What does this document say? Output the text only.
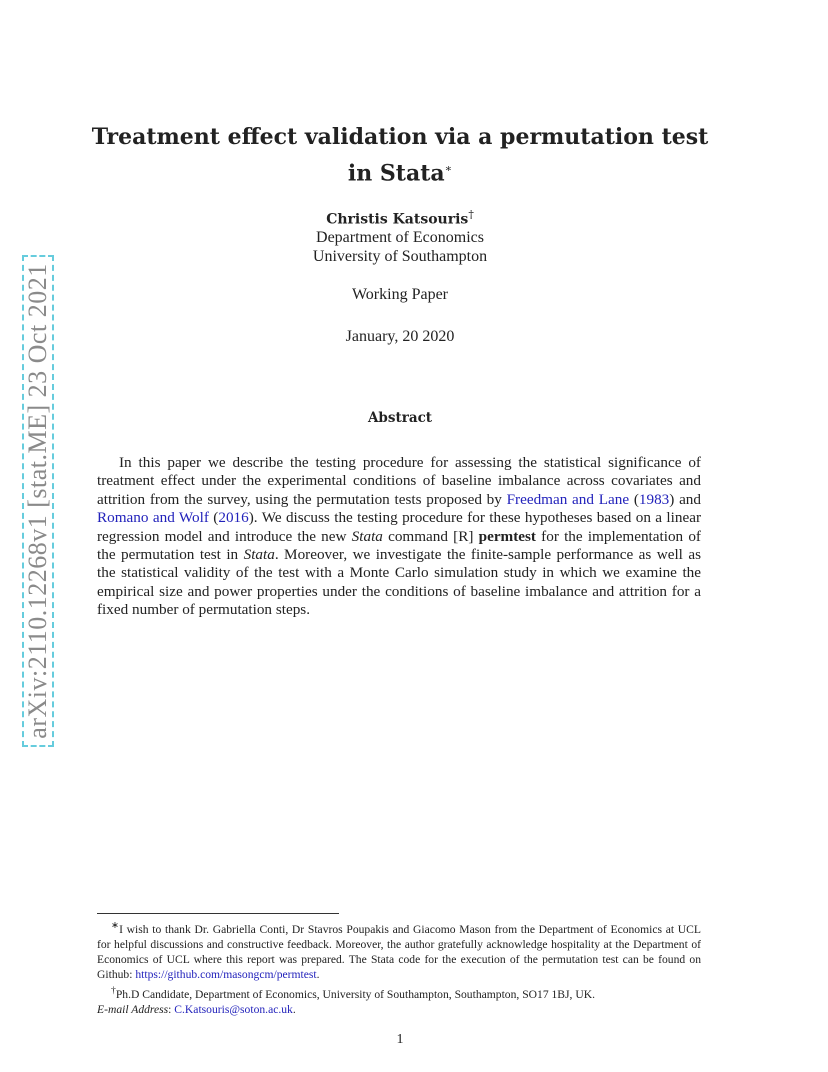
arXiv:2110.12268v1 [stat.ME] 23 Oct 2021
Treatment effect validation via a permutation test in Stata∗
Christis Katsouris†
Department of Economics
University of Southampton
Working Paper
January, 20 2020
Abstract
In this paper we describe the testing procedure for assessing the statistical significance of treatment effect under the experimental conditions of baseline imbalance across covariates and attrition from the survey, using the permutation tests proposed by Freedman and Lane (1983) and Romano and Wolf (2016). We discuss the testing procedure for these hypotheses based on a linear regression model and introduce the new Stata command [R] permtest for the implementation of the permutation test in Stata. Moreover, we investigate the finite-sample performance as well as the statistical validity of the test with a Monte Carlo simulation study in which we examine the empirical size and power properties under the conditions of baseline imbalance and attrition for a fixed number of permutation steps.

∗I wish to thank Dr. Gabriella Conti, Dr Stavros Poupakis and Giacomo Mason from the Department of Economics at UCL for helpful discussions and constructive feedback. Moreover, the author gratefully acknowledge hospitality at the Department of Economics of UCL where this report was prepared. The Stata code for the execution of the permutation test can be found on Github: https://github.com/masongcm/permtest.

†Ph.D Candidate, Department of Economics, University of Southampton, Southampton, SO17 1BJ, UK.

E-mail Address: C.Katsouris@soton.ac.uk.

1
